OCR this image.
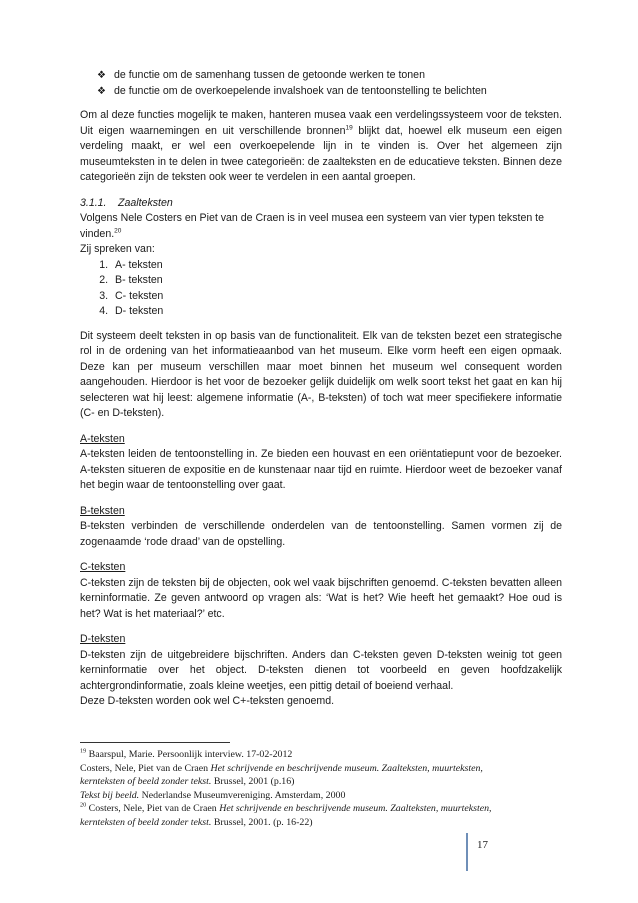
❖ de functie om de samenhang tussen de getoonde werken te tonen
❖ de functie om de overkoepelende invalshoek van de tentoonstelling te belichten

Om al deze functies mogelijk te maken, hanteren musea vaak een verdelingssysteem voor de teksten. Uit eigen waarnemingen en uit verschillende bronnen$^{19}$ blijkt dat, hoewel elk museum een eigen verdeling maakt, er wel een overkoepelende lijn in te vinden is. Over het algemeen zijn museumteksten in te delen in twee categorieën: de zaalteksten en de educatieve teksten. Binnen deze categorieën zijn de teksten ook weer te verdelen in een aantal groepen.

3.1.1. Zaalteksten
Volgens Nele Costers en Piet van de Craen is in veel musea een systeem van vier typen teksten te vinden.$^{20}$
Zij spreken van:
1. A- teksten
2. B- teksten
3. C- teksten
4. D- teksten

Dit systeem deelt teksten in op basis van de functionaliteit. Elk van de teksten bezet een strategische rol in de ordening van het informatieaanbod van het museum. Elke vorm heeft een eigen opmaak. Deze kan per museum verschillen maar moet binnen het museum wel consequent worden aangehouden. Hierdoor is het voor de bezoeker gelijk duidelijk om welk soort tekst het gaat en kan hij selecteren wat hij leest: algemene informatie (A-, B-teksten) of toch wat meer specifiekere informatie (C- en D-teksten).

A-teksten

A-teksten leiden de tentoonstelling in. Ze bieden een houvast en een oriëntatiepunt voor de bezoeker. A-teksten situeren de expositie en de kunstenaar naar tijd en ruimte. Hierdoor weet de bezoeker vanaf het begin waar de tentoonstelling over gaat.

B-teksten

B-teksten verbinden de verschillende onderdelen van de tentoonstelling. Samen vormen zij de zogenaamde ‘rode draad’ van de opstelling.

C-teksten

C-teksten zijn de teksten bij de objecten, ook wel vaak bijschriften genoemd. C-teksten bevatten alleen kerninformatie. Ze geven antwoord op vragen als: ‘Wat is het? Wie heeft het gemaakt? Hoe oud is het? Wat is het materiaal?’ etc.

D-teksten

D-teksten zijn de uitgebreidere bijschriften. Anders dan C-teksten geven D-teksten weinig tot geen kerninformatie over het object. D-teksten dienen tot voorbeeld en geven hoofdzakelijk achtergrondinformatie, zoals kleine weetjes, een pittig detail of boeiend verhaal.

Deze D-teksten worden ook wel C+-teksten genoemd.
$^{19}$ Baarspul, Marie. Persoonlijk interview. 17-02-2012
Costers, Nele, Piet van de Craen Het schrijvende en beschrijvende museum. Zaalteksten, muurteksten,
kernteksten of beeld zonder tekst. Brussel, 2001 (p.16)
Tekst bij beeld. Nederlandse Museumvereniging. Amsterdam, 2000
$^{20}$ Costers, Nele, Piet van de Craen Het schrijvende en beschrijvende museum. Zaalteksten, muurteksten,
kernteksten of beeld zonder tekst. Brussel, 2001. (p. 16-22)
17
